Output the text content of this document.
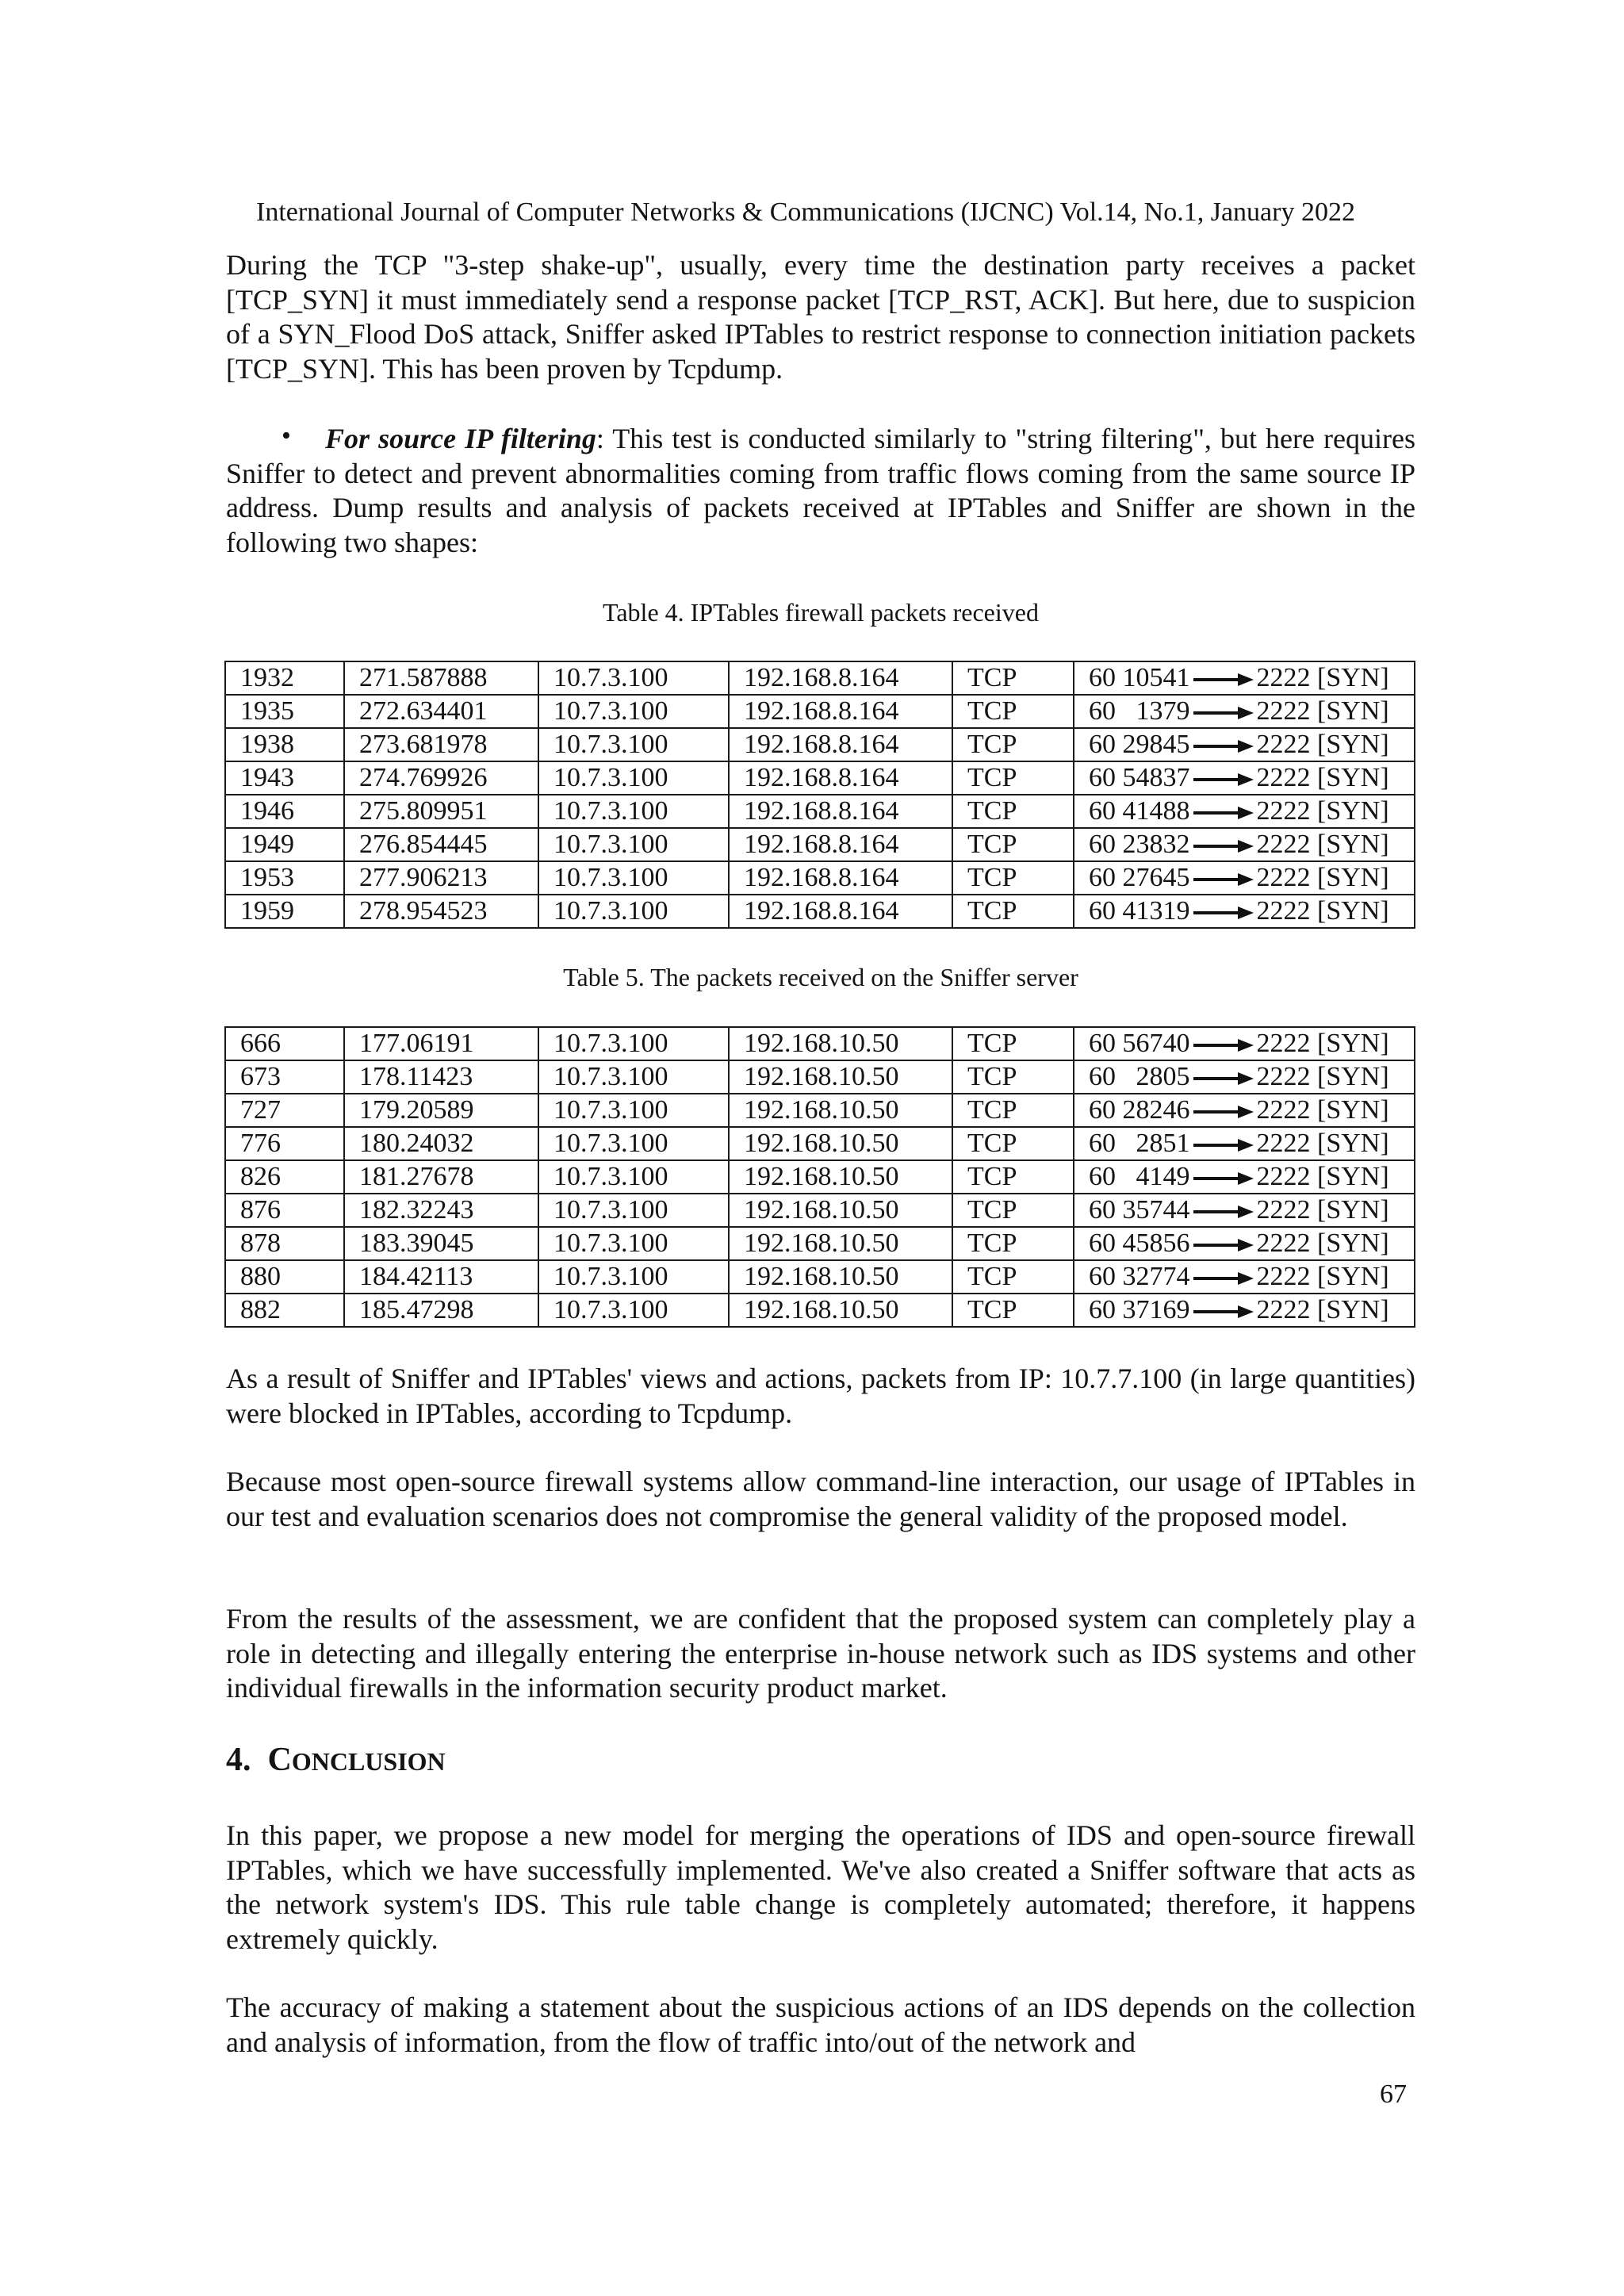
International Journal of Computer Networks & Communications (IJCNC) Vol.14, No.1, January 2022

During the TCP "3-step shake-up", usually, every time the destination party receives a packet [TCP_SYN] it must immediately send a response packet [TCP_RST, ACK]. But here, due to suspicion of a SYN_Flood DoS attack, Sniffer asked IPTables to restrict response to connection initiation packets [TCP_SYN]. This has been proven by Tcpdump.

•	For source IP filtering: This test is conducted similarly to "string filtering", but here requires Sniffer to detect and prevent abnormalities coming from traffic flows coming from the same source IP address. Dump results and analysis of packets received at IPTables and Sniffer are shown in the following two shapes:

Table 4. IPTables firewall packets received
1932	271.587888	10.7.3.100	192.168.8.164	TCP	60 10541 2222 [SYN]
1935	272.634401	10.7.3.100	192.168.8.164	TCP	60   1379 2222 [SYN]
1938	273.681978	10.7.3.100	192.168.8.164	TCP	60 29845 2222 [SYN]
1943	274.769926	10.7.3.100	192.168.8.164	TCP	60 54837 2222 [SYN]
1946	275.809951	10.7.3.100	192.168.8.164	TCP	60 41488 2222 [SYN]
1949	276.854445	10.7.3.100	192.168.8.164	TCP	60 23832 2222 [SYN]
1953	277.906213	10.7.3.100	192.168.8.164	TCP	60 27645 2222 [SYN]
1959	278.954523	10.7.3.100	192.168.8.164	TCP	60 41319 2222 [SYN]
Table 5. The packets received on the Sniffer server
666	177.06191	10.7.3.100	192.168.10.50	TCP	60 56740 2222 [SYN]
673	178.11423	10.7.3.100	192.168.10.50	TCP	60   2805 2222 [SYN]
727	179.20589	10.7.3.100	192.168.10.50	TCP	60 28246 2222 [SYN]
776	180.24032	10.7.3.100	192.168.10.50	TCP	60   2851 2222 [SYN]
826	181.27678	10.7.3.100	192.168.10.50	TCP	60   4149 2222 [SYN]
876	182.32243	10.7.3.100	192.168.10.50	TCP	60 35744 2222 [SYN]
878	183.39045	10.7.3.100	192.168.10.50	TCP	60 45856 2222 [SYN]
880	184.42113	10.7.3.100	192.168.10.50	TCP	60 32774 2222 [SYN]
882	185.47298	10.7.3.100	192.168.10.50	TCP	60 37169 2222 [SYN]

As a result of Sniffer and IPTables' views and actions, packets from IP: 10.7.7.100 (in large quantities) were blocked in IPTables, according to Tcpdump.

Because most open-source firewall systems allow command-line interaction, our usage of IPTables in our test and evaluation scenarios does not compromise the general validity of the proposed model.

From the results of the assessment, we are confident that the proposed system can completely play a role in detecting and illegally entering the enterprise in-house network such as IDS systems and other individual firewalls in the information security product market.

4. CONCLUSION

In this paper, we propose a new model for merging the operations of IDS and open-source firewall IPTables, which we have successfully implemented. We've also created a Sniffer software that acts as the network system's IDS. This rule table change is completely automated; therefore, it happens extremely quickly.

The accuracy of making a statement about the suspicious actions of an IDS depends on the collection and analysis of information, from the flow of traffic into/out of the network and

67
